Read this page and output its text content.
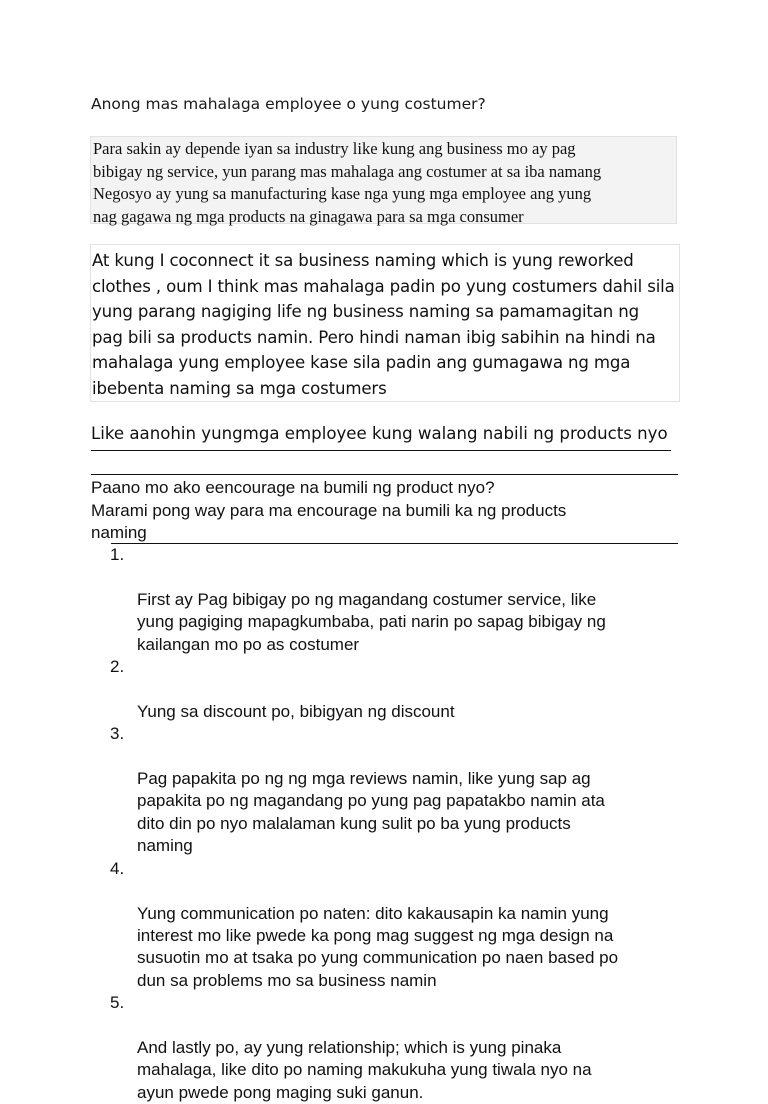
Anong mas mahalaga employee o yung costumer?
Para sakin ay depende iyan sa industry like kung ang business mo ay pag
bibigay ng service, yun parang mas mahalaga ang costumer at sa iba namang
Negosyo ay yung sa manufacturing kase nga yung mga employee ang yung
nag gagawa ng mga products na ginagawa para sa mga consumer
At kung I coconnect it sa business naming which is yung reworked
clothes , oum I think mas mahalaga padin po yung costumers dahil sila
yung parang nagiging life ng business naming sa pamamagitan ng
pag bili sa products namin. Pero hindi naman ibig sabihin na hindi na
mahalaga yung employee kase sila padin ang gumagawa ng mga
ibebenta naming sa mga costumers
Like aanohin yungmga employee kung walang nabili ng products nyo
Paano mo ako eencourage na bumili ng product nyo?
Marami pong way para ma encourage na bumili ka ng products
naming

1.

First ay Pag bibigay po ng magandang costumer service, like
yung pagiging mapagkumbaba, pati narin po sapag bibigay ng
kailangan mo po as costumer

2.

Yung sa discount po, bibigyan ng discount

3.

Pag papakita po ng ng mga reviews namin, like yung sap ag
papakita po ng magandang po yung pag papatakbo namin ata
dito din po nyo malalaman kung sulit po ba yung products
naming

4.

Yung communication po naten: dito kakausapin ka namin yung
interest mo like pwede ka pong mag suggest ng mga design na
susuotin mo at tsaka po yung communication po naen based po
dun sa problems mo sa business namin

5.

And lastly po, ay yung relationship; which is yung pinaka
mahalaga, like dito po naming makukuha yung tiwala nyo na
ayun pwede pong maging suki ganun.
